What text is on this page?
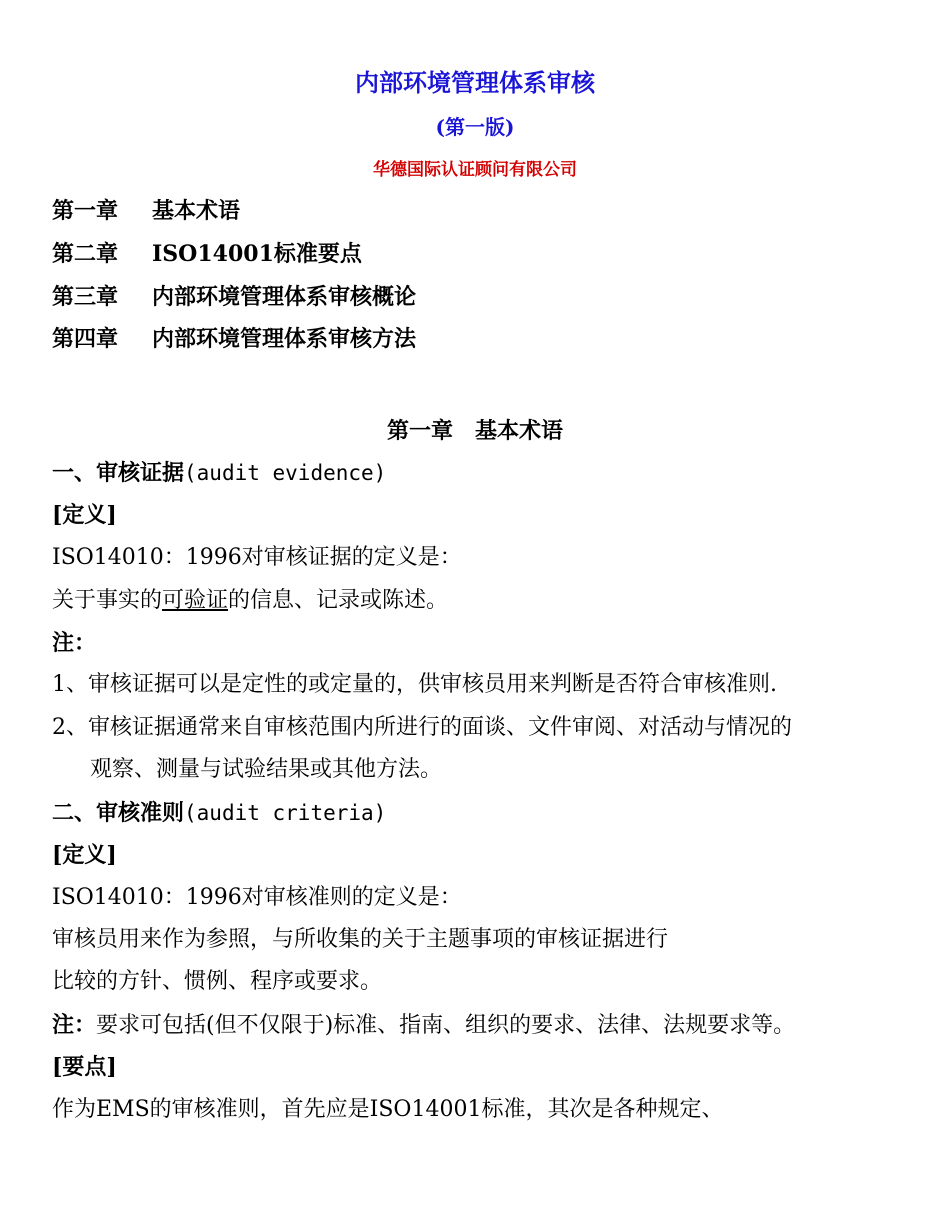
内部环境管理体系审核
(第一版)
华德国际认证顾问有限公司
第一章 基本术语
第二章 ISO14001标准要点
第三章 内部环境管理体系审核概论
第四章 内部环境管理体系审核方法
第一章 基本术语
一、审核证据(audit evidence)
[定义]
ISO14010：1996对审核证据的定义是：
关于事实的可验证的信息、记录或陈述。
注：
1、审核证据可以是定性的或定量的，供审核员用来判断是否符合审核准则.
2、审核证据通常来自审核范围内所进行的面谈、文件审阅、对活动与情况的
观察、测量与试验结果或其他方法。
二、审核准则(audit criteria)
[定义]
ISO14010：1996对审核准则的定义是：
审核员用来作为参照，与所收集的关于主题事项的审核证据进行
比较的方针、惯例、程序或要求。
注：要求可包括(但不仅限于)标准、指南、组织的要求、法律、法规要求等。
[要点]
作为EMS的审核准则，首先应是ISO14001标准，其次是各种规定、
